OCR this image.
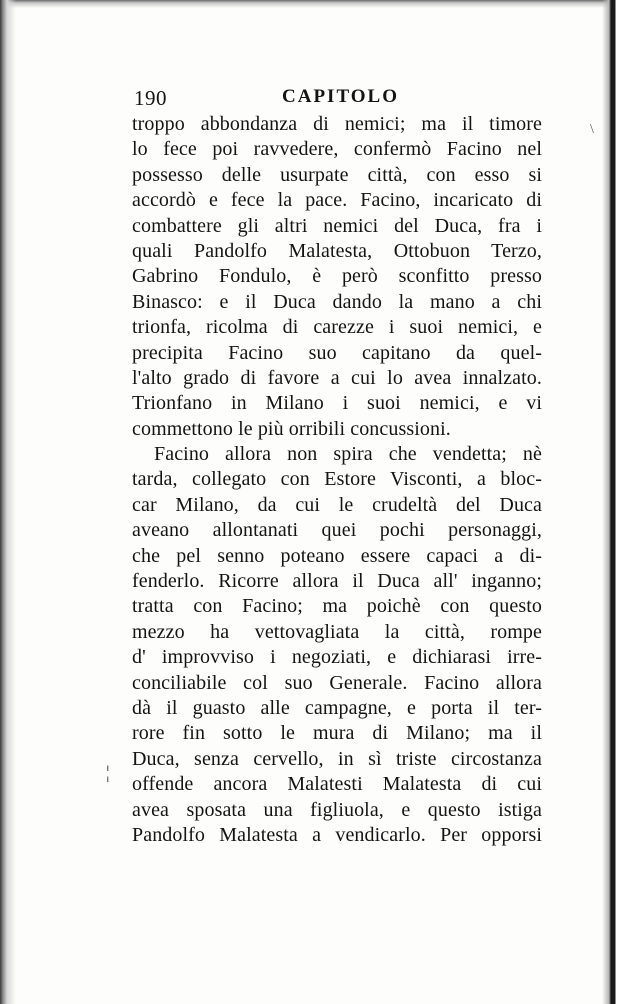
190	CAPITOLO
troppo abbondanza di nemici; ma il timore
lo fece poi ravvedere, confermò Facino nel
possesso delle usurpate città, con esso si
accordò e fece la pace. Facino, incaricato di
combattere gli altri nemici del Duca, fra i
quali Pandolfo Malatesta, Ottobuon Terzo,
Gabrino Fondulo, è però sconfitto presso
Binasco: e il Duca dando la mano a chi
trionfa, ricolma di carezze i suoi nemici, e
precipita Facino suo capitano da quel-
l'alto grado di favore a cui lo avea innalzato.
Trionfano in Milano i suoi nemici, e vi
commettono le più orribili concussioni.
Facino allora non spira che vendetta; nè
tarda, collegato con Estore Visconti, a bloc-
car Milano, da cui le crudeltà del Duca
aveano allontanati quei pochi personaggi,
che pel senno poteano essere capaci a di-
fenderlo. Ricorre allora il Duca all' inganno;
tratta con Facino; ma poichè con questo
mezzo ha vettovagliata la città, rompe
d' improvviso i negoziati, e dichiarasi irre-
conciliabile col suo Generale. Facino allora
dà il guasto alle campagne, e porta il ter-
rore fin sotto le mura di Milano; ma il
Duca, senza cervello, in sì triste circostanza
offende ancora Malatesti Malatesta di cui
avea sposata una figliuola, e questo istiga
Pandolfo Malatesta a vendicarlo. Per opporsi
¦
\
